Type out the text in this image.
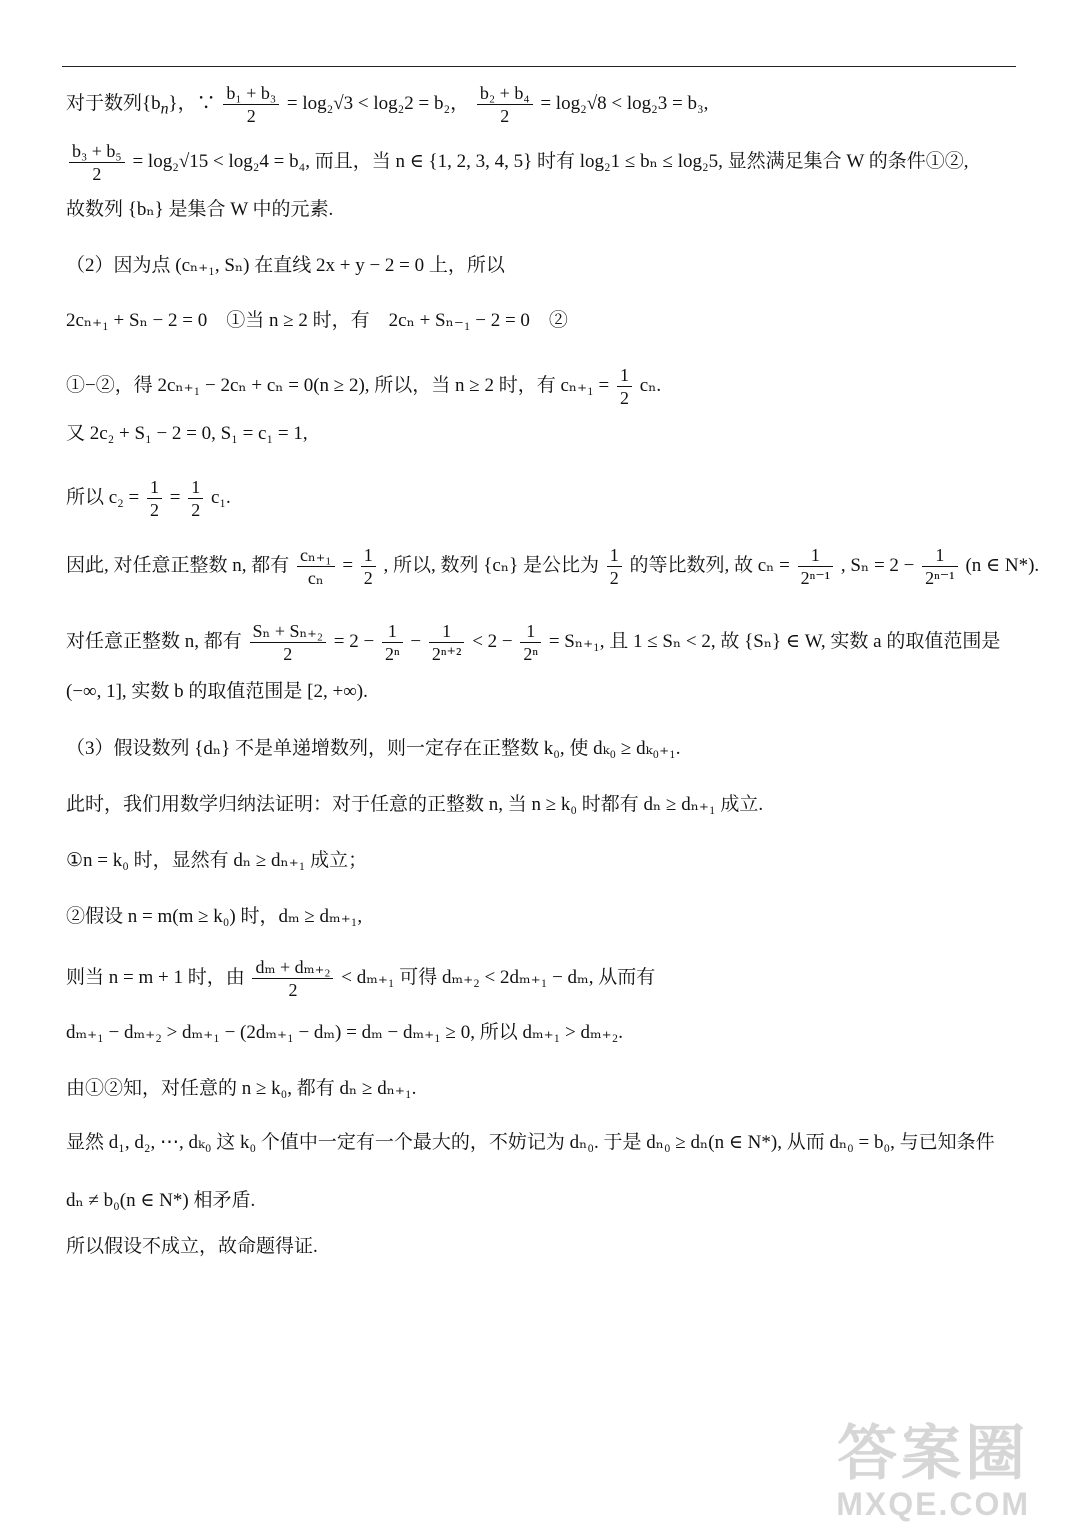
对于数列$\{b_n\}$，∵ $\frac{\text{b₁ + b₃}}{2} = \log_2√3 < \log_22 = b_2$， $\frac{\text{b₂ + b₄}}{2} = \log_2√8 < \log_23 = b_3$,
$\frac{\text{b₃ + b₅}}{2} = \log_2√15 < \log_24 = b_4$, 而且，当 n ∈ {1, 2, 3, 4, 5} 时有 log₂1 ≤ bₙ ≤ log₂5, 显然满足集合 W 的条件①②,
故数列 {bₙ} 是集合 W 中的元素.
（2）因为点 (cₙ₊₁, Sₙ) 在直线 2x + y − 2 = 0 上，所以
2cₙ₊₁ + Sₙ − 2 = 0　①当 n ≥ 2 时，有　2cₙ + Sₙ₋₁ − 2 = 0　②
①−②，得 2cₙ₊₁ − 2cₙ + cₙ = 0(n ≥ 2), 所以，当 n ≥ 2 时，有 $c_{n+1} = \frac{1}{2} c_n$.
又 2c₂ + S₁ − 2 = 0, S₁ = c₁ = 1,
所以 $c_2 = \frac{1}{2} = \frac{1}{2} c_1$.
因此, 对任意正整数 n, 都有 $\frac{\text{cₙ₊₁}}{\text{cₙ}} = \frac{1}{2}$ , 所以, 数列 {cₙ} 是公比为 $\frac{1}{2}$ 的等比数列, 故 $c_n = \frac{1}{\text{2ⁿ⁻¹}}$ , $S_n = 2 - \frac{1}{\text{2ⁿ⁻¹}} (n$ ∈ N*).
对任意正整数 n, 都有 $\frac{\text{Sₙ + Sₙ₊₂}}{2} = 2 - \frac{1}{\text{2ⁿ}} - \frac{1}{\text{2ⁿ⁺²}} < 2 - \frac{1}{\text{2ⁿ}} = S_{n+1}$, 且 1 ≤ Sₙ < 2, 故 {Sₙ} ∈ W, 实数 a 的取值范围是
(−∞, 1], 实数 b 的取值范围是 [2, +∞).
（3）假设数列 {dₙ} 不是单递增数列，则一定存在正整数 k₀, 使 dₖ₀ ≥ dₖ₀₊₁.
此时，我们用数学归纳法证明：对于任意的正整数 n, 当 n ≥ k₀ 时都有 dₙ ≥ dₙ₊₁ 成立.
①n = k₀ 时，显然有 dₙ ≥ dₙ₊₁ 成立；
②假设 n = m(m ≥ k₀) 时，dₘ ≥ dₘ₊₁,
则当 n = m + 1 时，由 $\frac{\text{dₘ + dₘ₊₂}}{2} < d_{m+1}$ 可得 dₘ₊₂ < 2dₘ₊₁ − dₘ, 从而有
dₘ₊₁ − dₘ₊₂ > dₘ₊₁ − (2dₘ₊₁ − dₘ) = dₘ − dₘ₊₁ ≥ 0, 所以 dₘ₊₁ > dₘ₊₂.
由①②知，对任意的 n ≥ k₀, 都有 dₙ ≥ dₙ₊₁.
显然 d₁, d₂, ⋯, dₖ₀ 这 k₀ 个值中一定有一个最大的，不妨记为 dₙ₀. 于是 dₙ₀ ≥ dₙ(n ∈ N*), 从而 dₙ₀ = b₀, 与已知条件
dₙ ≠ b₀(n ∈ N*) 相矛盾.
所以假设不成立，故命题得证.
答案圈
MXQE.COM
